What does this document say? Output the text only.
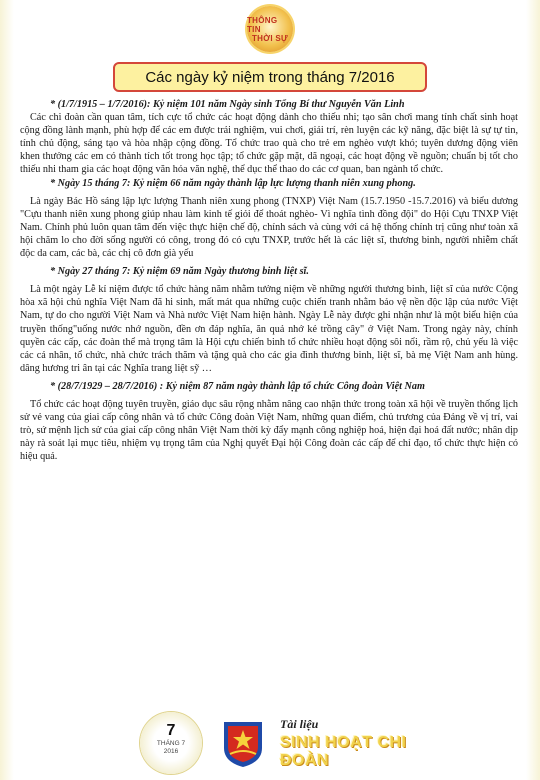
THÔNG TIN
THỜI SỰ
Các ngày kỷ niệm trong tháng 7/2016

* (1/7/1915 – 1/7/2016): Kỷ niệm 101 năm Ngày sinh Tổng Bí thư Nguyễn Văn Linh

Các chi đoàn cần quan tâm, tích cực tổ chức các hoạt động dành cho thiếu nhi; tạo sân chơi mang tính chất sinh hoạt cộng đồng lành mạnh, phù hợp để các em được trải nghiệm, vui chơi, giải trí, rèn luyện các kỹ năng, đặc biệt là sự tự tin, tính chủ động, sáng tạo và hòa nhập cộng đồng. Tổ chức trao quà cho trẻ em nghèo vượt khó; tuyên dương động viên khen thưởng các em có thành tích tốt trong học tập; tổ chức gặp mặt, dã ngoại, các hoạt động về nguồn; chuẩn bị tốt cho thiếu nhi tham gia các hoạt động văn hóa văn nghệ, thể dục thể thao do các cơ quan, ban ngành tổ chức.

* Ngày 15 tháng 7: Kỷ niệm 66 năm ngày thành lập lực lượng thanh niên xung phong.

Là ngày Bác Hồ sáng lập lực lượng Thanh niên xung phong (TNXP) Việt Nam (15.7.1950 -15.7.2016) và biểu dương "Cựu thanh niên xung phong giúp nhau làm kinh tế giỏi để thoát nghèo- Vì nghĩa tình đồng đội" do Hội Cựu TNXP Việt Nam. Chính phủ luôn quan tâm đến việc thực hiện chế độ, chính sách và cùng với cả hệ thống chính trị cũng như toàn xã hội chăm lo cho đời sống người có công, trong đó có cựu TNXP, trước hết là các liệt sĩ, thương binh, người nhiễm chất độc da cam, các bà, các chị cô đơn già yếu

* Ngày 27 tháng 7: Kỷ niệm 69 năm Ngày thương binh liệt sĩ.

Là một ngày Lễ kỉ niệm được tổ chức hàng năm nhằm tưởng niệm về những người thương binh, liệt sĩ của nước Cộng hòa xã hội chủ nghĩa Việt Nam đã hi sinh, mất mát qua những cuộc chiến tranh nhằm bảo vệ nền độc lập của nước Việt Nam, tự do cho người Việt Nam và Nhà nước Việt Nam hiện hành. Ngày Lễ này được ghi nhận như là một biểu hiện của truyền thống"uống nước nhớ nguồn, đền ơn đáp nghĩa, ăn quả nhớ kẻ trồng cây" ở Việt Nam. Trong ngày này, chính quyền các cấp, các đoàn thể mà trọng tâm là Hội cựu chiến binh tổ chức nhiều hoạt động sôi nổi, rầm rộ, chủ yếu là việc các cá nhân, tổ chức, nhà chức trách thăm và tặng quà cho các gia đình thương binh, liệt sĩ, bà mẹ Việt Nam anh hùng. dâng hương tri ân tại các Nghĩa trang liệt sỹ …

* (28/7/1929 – 28/7/2016) : Kỷ niệm 87 năm ngày thành lập tổ chức Công đoàn Việt Nam

Tổ chức các hoạt động tuyên truyền, giáo dục sâu rộng nhằm nâng cao nhận thức trong toàn xã hội về truyền thống lịch sử vẻ vang của giai cấp công nhân và tổ chức Công đoàn Việt Nam, những quan điểm, chủ trương của Đảng về vị trí, vai trò, sứ mệnh lịch sử của giai cấp công nhân Việt Nam thời kỳ đẩy mạnh công nghiệp hoá, hiện đại hoá đất nước; nhân dịp này rà soát lại mục tiêu, nhiệm vụ trọng tâm của Nghị quyết Đại hội Công đoàn các cấp để chỉ đạo, tổ chức thực hiện có hiệu quả.

7
THÁNG 7
2016
Tài liệu
SINH HOẠT CHI ĐOÀN
